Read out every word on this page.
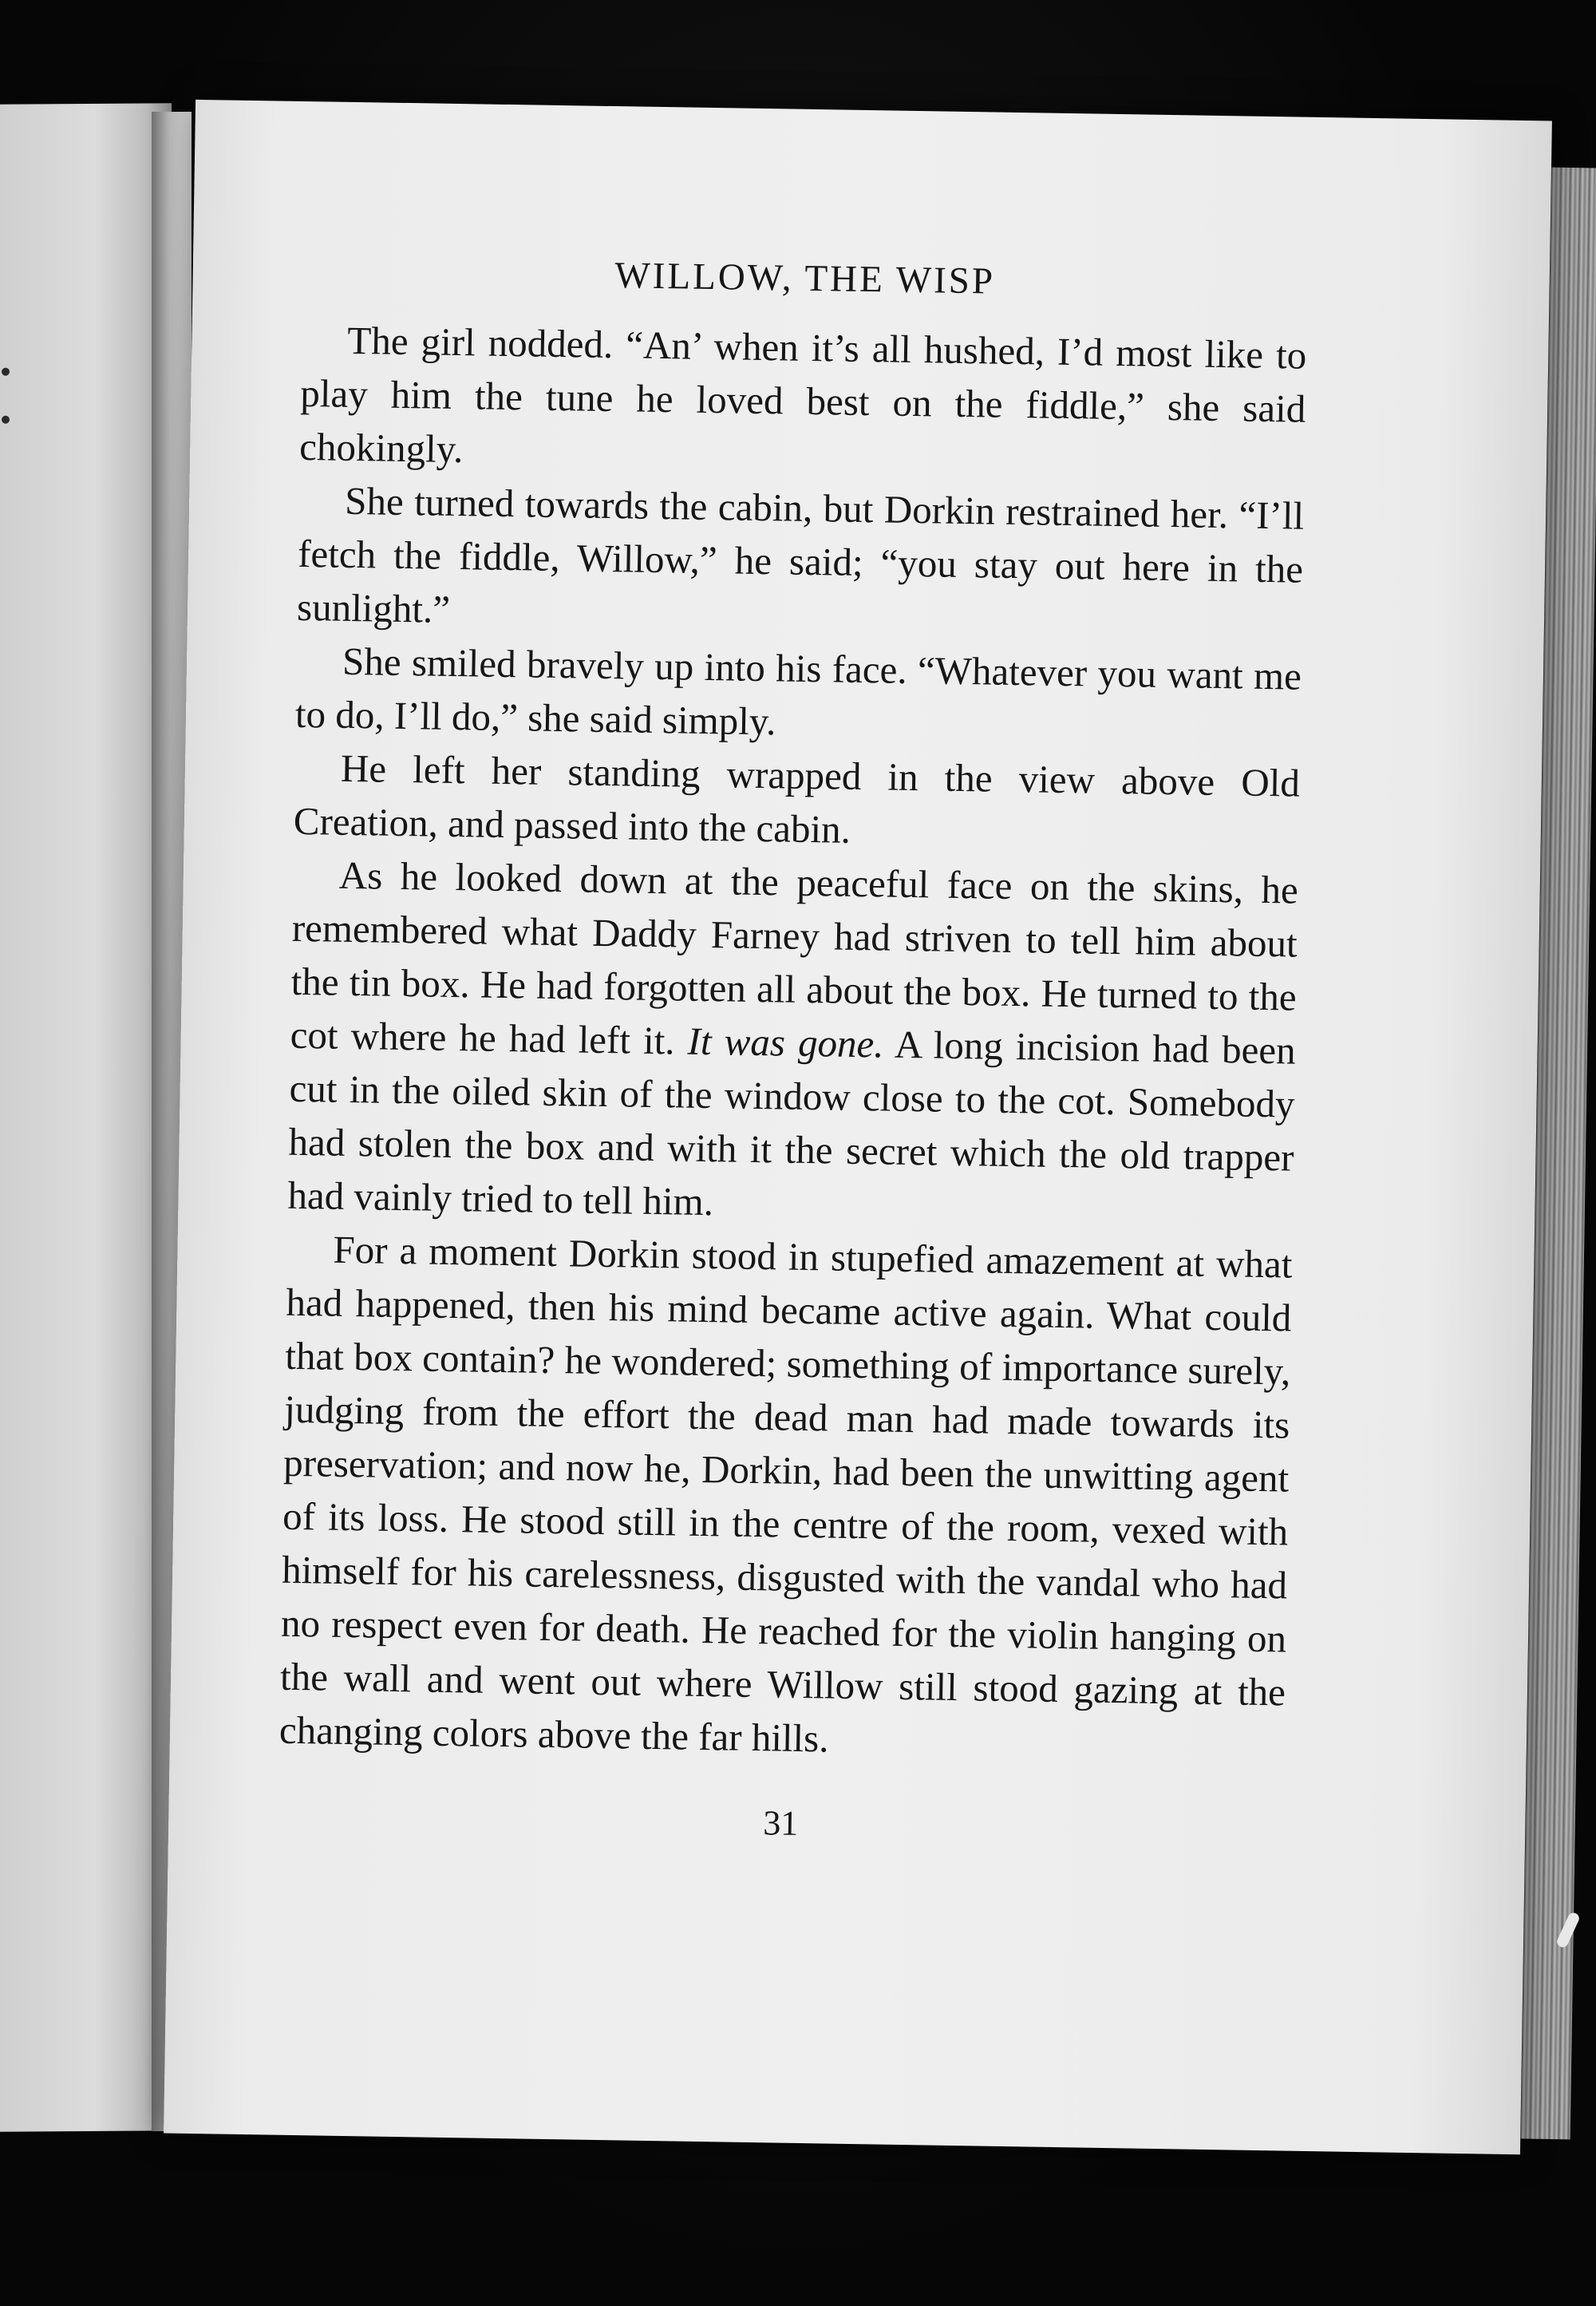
WILLOW, THE WISP

The girl nodded. “An’ when it’s all hushed, I’d most like to play him the tune he loved best on the fiddle,” she said chokingly.

She turned towards the cabin, but Dorkin restrained her. “I’ll fetch the fiddle, Willow,” he said; “you stay out here in the sunlight.”

She smiled bravely up into his face. “Whatever you want me to do, I’ll do,” she said simply.

He left her standing wrapped in the view above Old Creation, and passed into the cabin.

As he looked down at the peaceful face on the skins, he remembered what Daddy Farney had striven to tell him about the tin box. He had forgotten all about the box. He turned to the cot where he had left it. It was gone. A long incision had been cut in the oiled skin of the window close to the cot. Somebody had stolen the box and with it the secret which the old trapper had vainly tried to tell him.

For a moment Dorkin stood in stupefied amazement at what had happened, then his mind became active again. What could that box contain? he wondered; something of importance surely, judging from the effort the dead man had made towards its preservation; and now he, Dorkin, had been the unwitting agent of its loss. He stood still in the centre of the room, vexed with himself for his carelessness, disgusted with the vandal who had no respect even for death. He reached for the violin hanging on the wall and went out where Willow still stood gazing at the changing colors above the far hills.

31
